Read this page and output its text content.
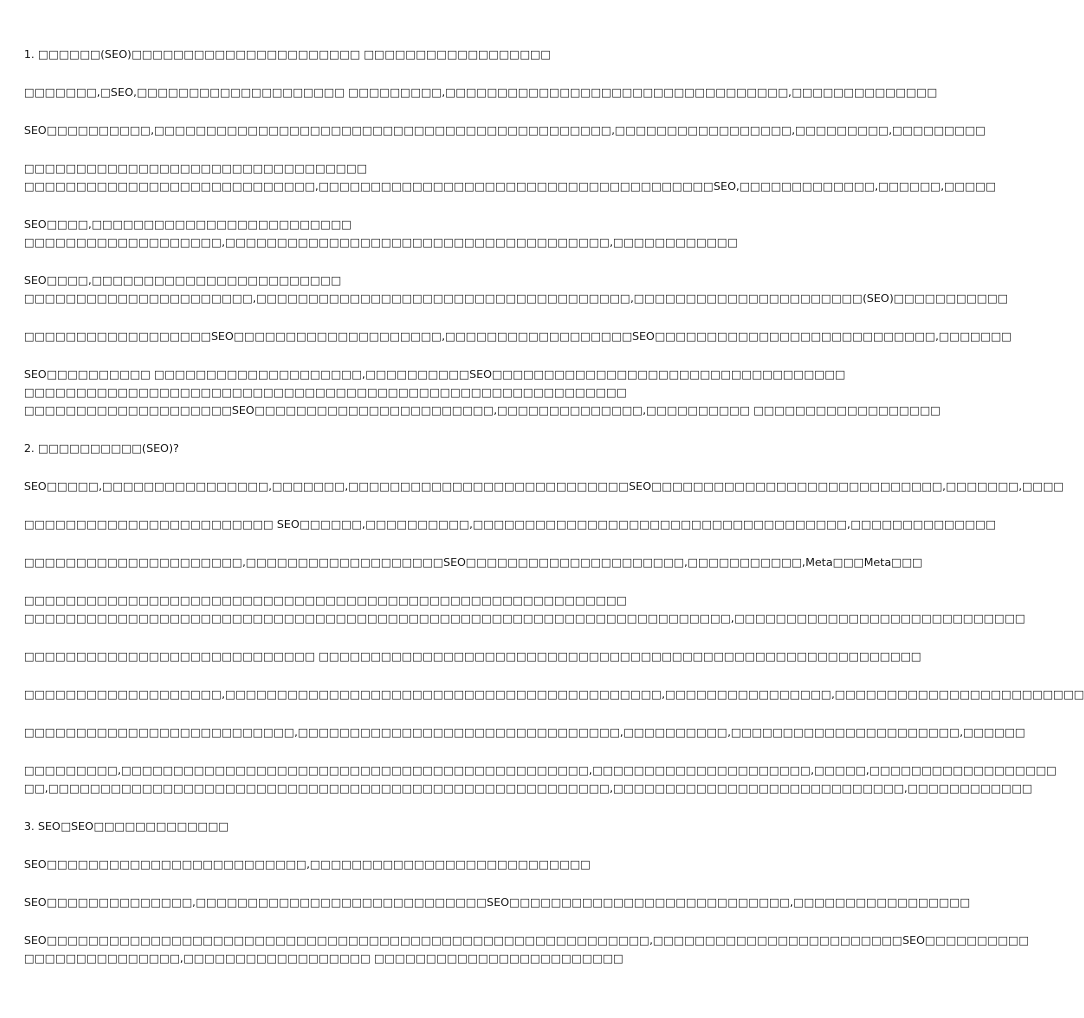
1. □□□□□□(SEO)□□□□□□□□□□□□□□□□□□□□□□ □□□□□□□□□□□□□□□□□□
□□□□□□□,□SEO,□□□□□□□□□□□□□□□□□□□□ □□□□□□□□□,□□□□□□□□□□□□□□□□□□□□□□□□□□□□□□□□□,□□□□□□□□□□□□□□
SEO□□□□□□□□□□,□□□□□□□□□□□□□□□□□□□□□□□□□□□□□□□□□□□□□□□□□□□□,□□□□□□□□□□□□□□□□□,□□□□□□□□□,□□□□□□□□□
□□□□□□□□□□□□□□□□□□□□□□□□□□□□□□□□□
□□□□□□□□□□□□□□□□□□□□□□□□□□□□,□□□□□□□□□□□□□□□□□□□□□□□□□□□□□□□□□□□□□□SEO,□□□□□□□□□□□□□,□□□□□□,□□□□□
SEO□□□□,□□□□□□□□□□□□□□□□□□□□□□□□□
□□□□□□□□□□□□□□□□□□□,□□□□□□□□□□□□□□□□□□□□□□□□□□□□□□□□□□□□□,□□□□□□□□□□□□
SEO□□□□,□□□□□□□□□□□□□□□□□□□□□□□□
□□□□□□□□□□□□□□□□□□□□□□,□□□□□□□□□□□□□□□□□□□□□□□□□□□□□□□□□□□□,□□□□□□□□□□□□□□□□□□□□□□(SEO)□□□□□□□□□□□
□□□□□□□□□□□□□□□□□□SEO□□□□□□□□□□□□□□□□□□□□,□□□□□□□□□□□□□□□□□□SEO□□□□□□□□□□□□□□□□□□□□□□□□□□□,□□□□□□□
SEO□□□□□□□□□□ □□□□□□□□□□□□□□□□□□□□,□□□□□□□□□□SEO□□□□□□□□□□□□□□□□□□□□□□□□□□□□□□□□□□
□□□□□□□□□□□□□□□□□□□□□□□□□□□□□□□□□□□□□□□□□□□□□□□□□□□□□□□□□□
□□□□□□□□□□□□□□□□□□□□SEO□□□□□□□□□□□□□□□□□□□□□□□,□□□□□□□□□□□□□□,□□□□□□□□□□ □□□□□□□□□□□□□□□□□□
2. □□□□□□□□□□(SEO)?
SEO□□□□□,□□□□□□□□□□□□□□□□,□□□□□□□,□□□□□□□□□□□□□□□□□□□□□□□□□□□SEO□□□□□□□□□□□□□□□□□□□□□□□□□□□□,□□□□□□□,□□□□
□□□□□□□□□□□□□□□□□□□□□□□□ SEO□□□□□□,□□□□□□□□□□,□□□□□□□□□□□□□□□□□□□□□□□□□□□□□□□□□□□□,□□□□□□□□□□□□□□
□□□□□□□□□□□□□□□□□□□□□,□□□□□□□□□□□□□□□□□□□SEO□□□□□□□□□□□□□□□□□□□□□,□□□□□□□□□□□,Meta□□□Meta□□□
□□□□□□□□□□□□□□□□□□□□□□□□□□□□□□□□□□□□□□□□□□□□□□□□□□□□□□□□□□
□□□□□□□□□□□□□□□□□□□□□□□□□□□□□□□□□□□□□□□□□□□□□□□□□□□□□□□□□□□□□□□□□□□□,□□□□□□□□□□□□□□□□□□□□□□□□□□□□
□□□□□□□□□□□□□□□□□□□□□□□□□□□□ □□□□□□□□□□□□□□□□□□□□□□□□□□□□□□□□□□□□□□□□□□□□□□□□□□□□□□□□□□
□□□□□□□□□□□□□□□□□□□,□□□□□□□□□□□□□□□□□□□□□□□□□□□□□□□□□□□□□□□□□□,□□□□□□□□□□□□□□□□,□□□□□□□□□□□□□□□□□□□□□□□□
□□□□□□□□□□□□□□□□□□□□□□□□□□,□□□□□□□□□□□□□□□□□□□□□□□□□□□□□□□,□□□□□□□□□□,□□□□□□□□□□□□□□□□□□□□□□,□□□□□□
□□□□□□□□□,□□□□□□□□□□□□□□□□□□□□□□□□□□□□□□□□□□□□□□□□□□□□□,□□□□□□□□□□□□□□□□□□□□□,□□□□□,□□□□□□□□□□□□□□□□□□
□□,□□□□□□□□□□□□□□□□□□□□□□□□□□□□□□□□□□□□□□□□□□□□□□□□□□□□□□,□□□□□□□□□□□□□□□□□□□□□□□□□□□□,□□□□□□□□□□□□
3. SEO□SEO□□□□□□□□□□□□□
SEO□□□□□□□□□□□□□□□□□□□□□□□□□,□□□□□□□□□□□□□□□□□□□□□□□□□□□
SEO□□□□□□□□□□□□□□,□□□□□□□□□□□□□□□□□□□□□□□□□□□□SEO□□□□□□□□□□□□□□□□□□□□□□□□□□□,□□□□□□□□□□□□□□□□□
SEO□□□□□□□□□□□□□□□□□□□□□□□□□□□□□□□□□□□□□□□□□□□□□□□□□□□□□□□□□□,□□□□□□□□□□□□□□□□□□□□□□□□SEO□□□□□□□□□□
□□□□□□□□□□□□□□□,□□□□□□□□□□□□□□□□□□ □□□□□□□□□□□□□□□□□□□□□□□□
